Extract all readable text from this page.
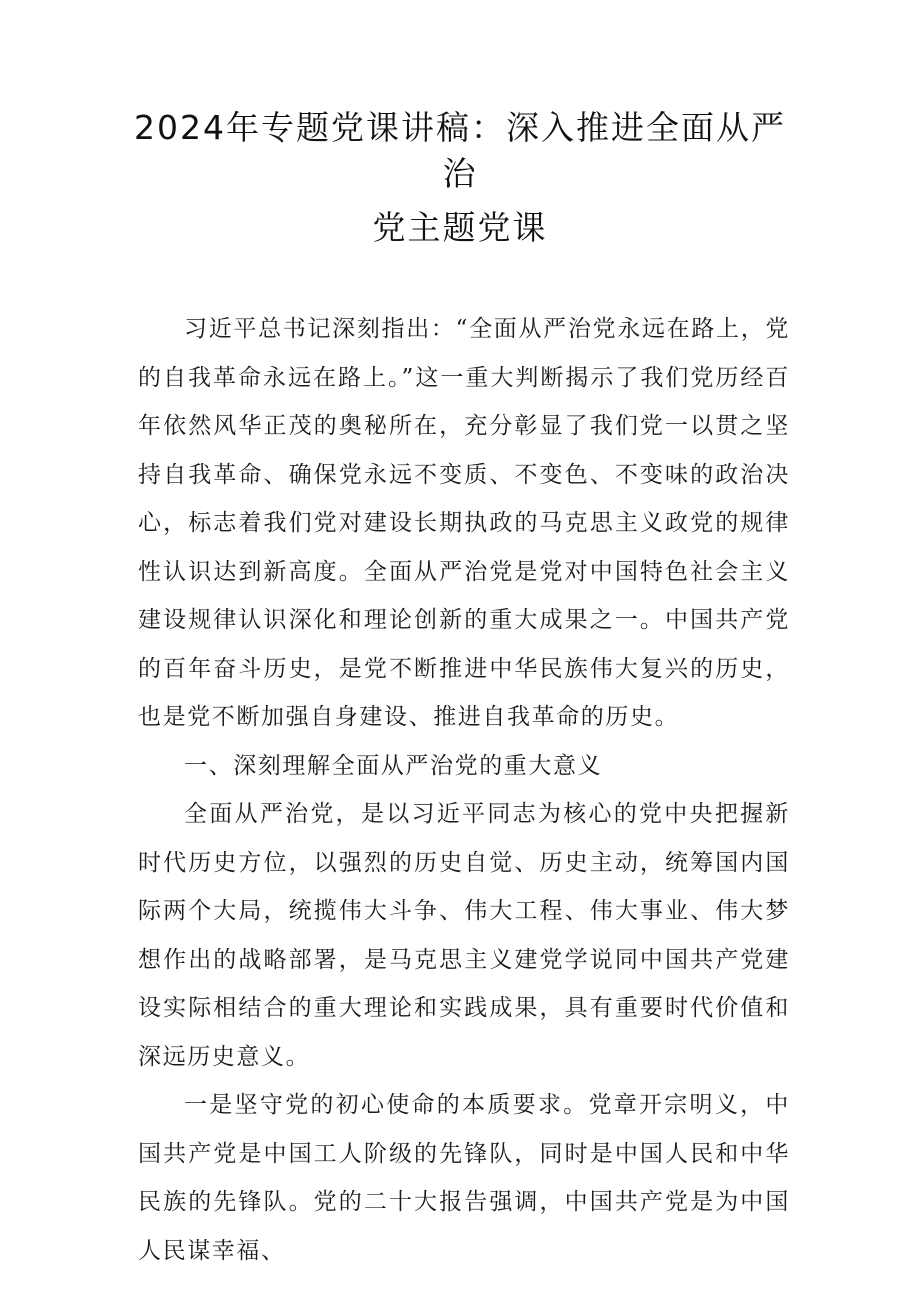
2024年专题党课讲稿：深入推进全面从严
治
党主题党课

习近平总书记深刻指出：“全面从严治党永远在路上，党的自我革命永远在路上。”这一重大判断揭示了我们党历经百年依然风华正茂的奥秘所在，充分彰显了我们党一以贯之坚持自我革命、确保党永远不变质、不变色、不变味的政治决心，标志着我们党对建设长期执政的马克思主义政党的规律性认识达到新高度。全面从严治党是党对中国特色社会主义建设规律认识深化和理论创新的重大成果之一。中国共产党的百年奋斗历史，是党不断推进中华民族伟大复兴的历史，也是党不断加强自身建设、推进自我革命的历史。

一、深刻理解全面从严治党的重大意义

全面从严治党，是以习近平同志为核心的党中央把握新时代历史方位，以强烈的历史自觉、历史主动，统筹国内国际两个大局，统揽伟大斗争、伟大工程、伟大事业、伟大梦想作出的战略部署，是马克思主义建党学说同中国共产党建设实际相结合的重大理论和实践成果，具有重要时代价值和深远历史意义。

一是坚守党的初心使命的本质要求。党章开宗明义，中国共产党是中国工人阶级的先锋队，同时是中国人民和中华民族的先锋队。党的二十大报告强调，中国共产党是为中国人民谋幸福、
